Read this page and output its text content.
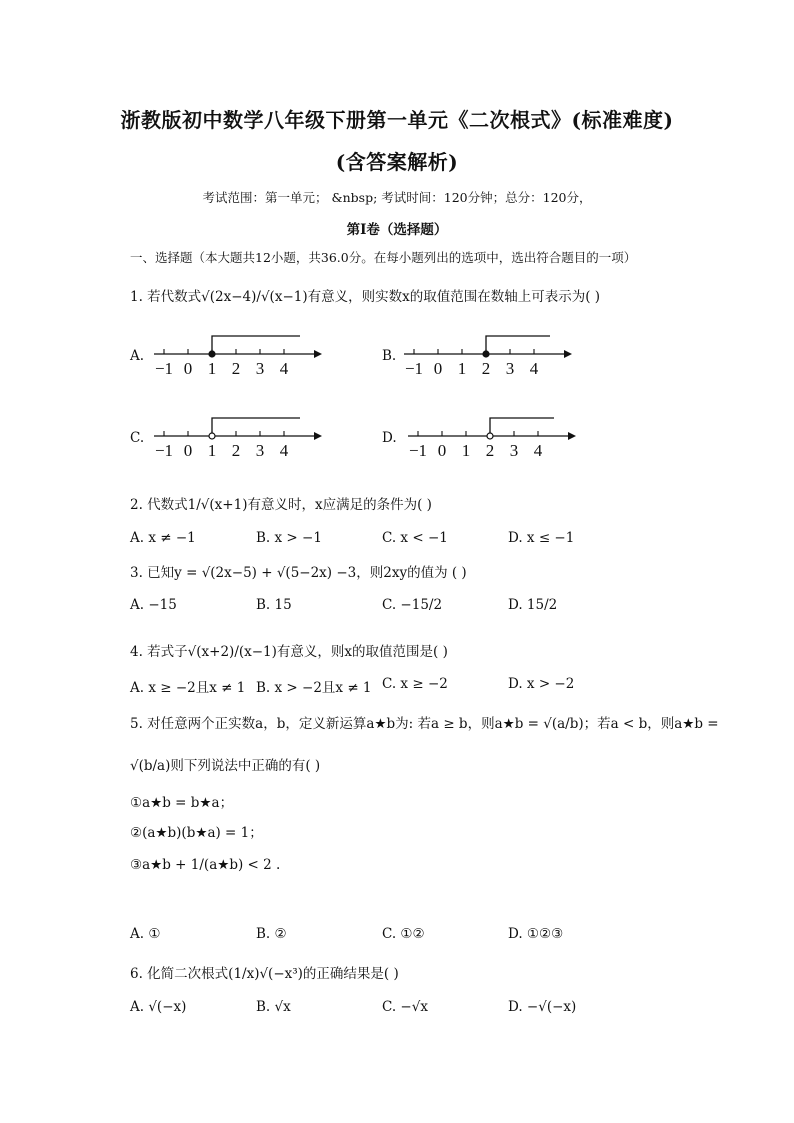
浙教版初中数学八年级下册第一单元《二次根式》(标准难度)
(含答案解析)
考试范围：第一单元； &nbsp; 考试时间：120分钟；总分：120分，
第I卷（选择题）
一、选择题（本大题共12小题，共36.0分。在每小题列出的选项中，选出符合题目的一项）
1. 若代数式√(2x−4)/√(x−1)有意义，则实数x的取值范围在数轴上可表示为( )
A.
−1 0 1 2 3 4
B.
−1 0 1 2 3 4
C.
−1 0 1 2 3 4
D.
−1 0 1 2 3 4
2. 代数式1/√(x+1)有意义时，x应满足的条件为( )
A. x ≠ −1	B. x > −1	C. x < −1	D. x ≤ −1
3. 已知y = √(2x−5) + √(5−2x) −3，则2xy的值为 ( )
A. −15	B. 15	C. −15/2	D. 15/2
4. 若式子√(x+2)/(x−1)有意义，则x的取值范围是( )
A. x ≥ −2且x ≠ 1 B. x > −2且x ≠ 1 C. x ≥ −2	D. x > −2
5. 对任意两个正实数a，b，定义新运算a★b为: 若a ≥ b，则a★b = √(a/b)；若a < b，则a★b =
√(b/a)则下列说法中正确的有( )
①a★b = b★a；
②(a★b)(b★a) = 1；
③a★b + 1/(a★b) < 2 .
A. ①	B. ②	C. ①②	D. ①②③
6. 化简二次根式(1/x)√(−x³)的正确结果是( )
A. √(−x)	B. √x	C. −√x	D. −√(−x)
